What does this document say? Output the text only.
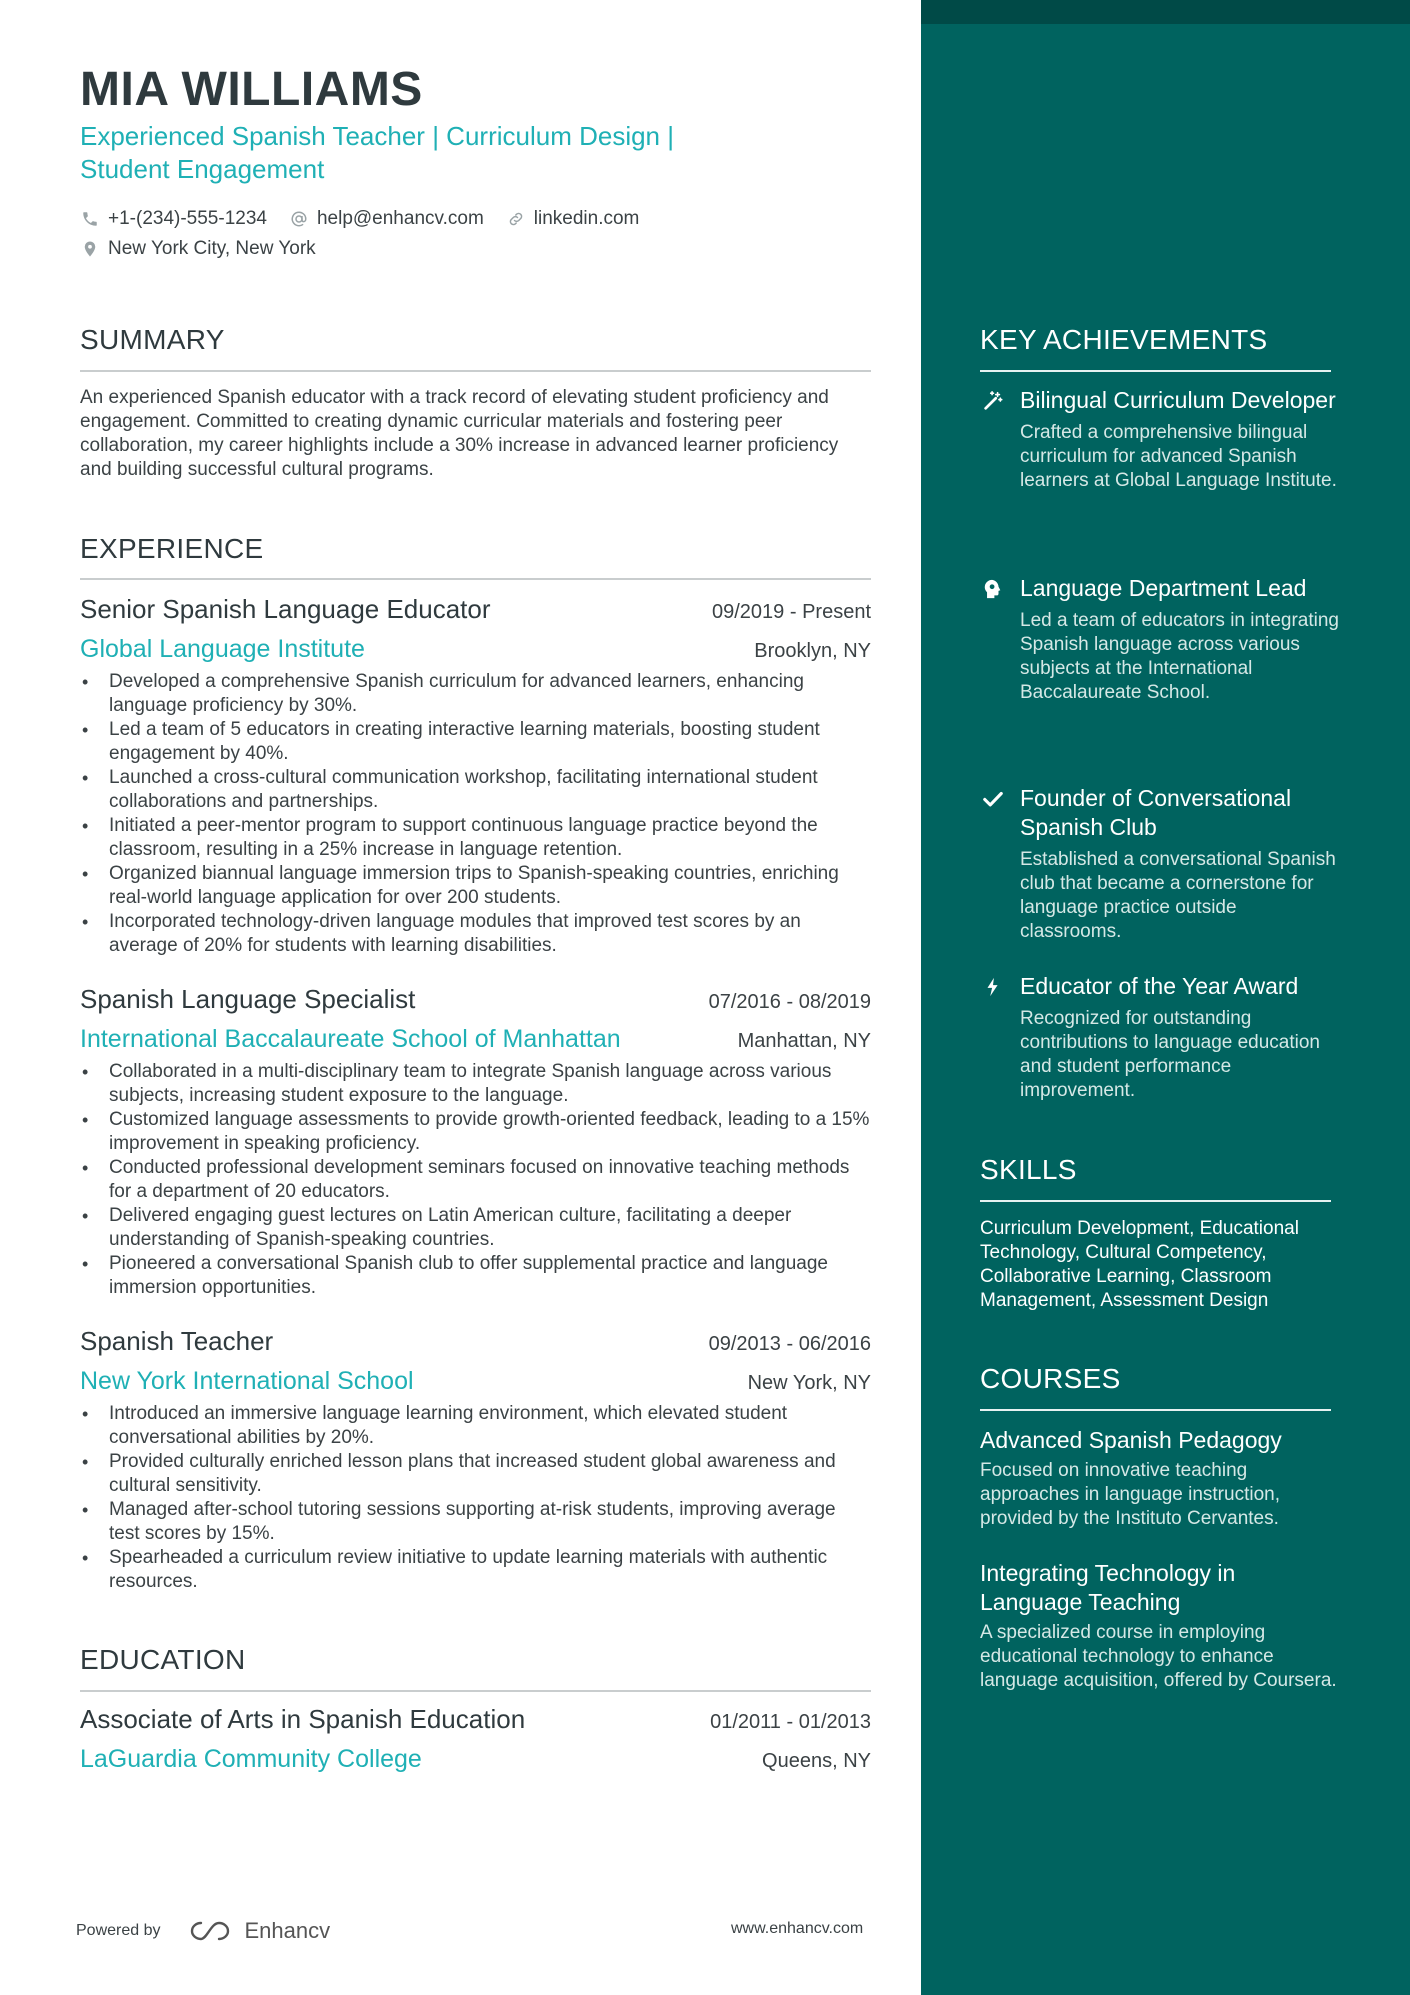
MIA WILLIAMS
Experienced Spanish Teacher | Curriculum Design |
Student Engagement
+1-(234)-555-1234	help@enhancv.com	linkedin.com
New York City, New York
SUMMARY
An experienced Spanish educator with a track record of elevating student proficiency and engagement. Committed to creating dynamic curricular materials and fostering peer collaboration, my career highlights include a 30% increase in advanced learner proficiency and building successful cultural programs.
EXPERIENCE
Senior Spanish Language Educator	09/2019 - Present
Global Language Institute	Brooklyn, NY
• Developed a comprehensive Spanish curriculum for advanced learners, enhancing language proficiency by 30%.
• Led a team of 5 educators in creating interactive learning materials, boosting student engagement by 40%.
• Launched a cross-cultural communication workshop, facilitating international student collaborations and partnerships.
• Initiated a peer-mentor program to support continuous language practice beyond the classroom, resulting in a 25% increase in language retention.
• Organized biannual language immersion trips to Spanish-speaking countries, enriching real-world language application for over 200 students.
• Incorporated technology-driven language modules that improved test scores by an average of 20% for students with learning disabilities.
Spanish Language Specialist	07/2016 - 08/2019
International Baccalaureate School of Manhattan	Manhattan, NY
• Collaborated in a multi-disciplinary team to integrate Spanish language across various subjects, increasing student exposure to the language.
• Customized language assessments to provide growth-oriented feedback, leading to a 15% improvement in speaking proficiency.
• Conducted professional development seminars focused on innovative teaching methods for a department of 20 educators.
• Delivered engaging guest lectures on Latin American culture, facilitating a deeper understanding of Spanish-speaking countries.
• Pioneered a conversational Spanish club to offer supplemental practice and language immersion opportunities.
Spanish Teacher	09/2013 - 06/2016
New York International School	New York, NY
• Introduced an immersive language learning environment, which elevated student conversational abilities by 20%.
• Provided culturally enriched lesson plans that increased student global awareness and cultural sensitivity.
• Managed after-school tutoring sessions supporting at-risk students, improving average test scores by 15%.
• Spearheaded a curriculum review initiative to update learning materials with authentic resources.
EDUCATION
Associate of Arts in Spanish Education	01/2011 - 01/2013
LaGuardia Community College	Queens, NY
Powered by	Enhancv	www.enhancv.com
KEY ACHIEVEMENTS
Bilingual Curriculum Developer
Crafted a comprehensive bilingual curriculum for advanced Spanish learners at Global Language Institute.
Language Department Lead
Led a team of educators in integrating Spanish language across various subjects at the International Baccalaureate School.
Founder of Conversational Spanish Club
Established a conversational Spanish club that became a cornerstone for language practice outside classrooms.
Educator of the Year Award
Recognized for outstanding contributions to language education and student performance improvement.
SKILLS
Curriculum Development, Educational Technology, Cultural Competency, Collaborative Learning, Classroom Management, Assessment Design
COURSES
Advanced Spanish Pedagogy
Focused on innovative teaching approaches in language instruction, provided by the Instituto Cervantes.
Integrating Technology in Language Teaching
A specialized course in employing educational technology to enhance language acquisition, offered by Coursera.
